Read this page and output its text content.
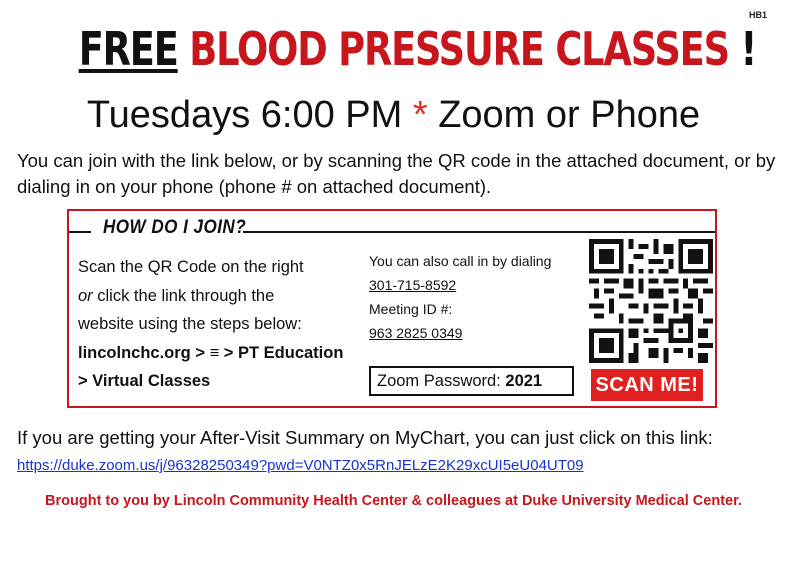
HB1
FREE BLOOD PRESSURE CLASSES !
Tuesdays 6:00 PM * Zoom or Phone
You can join with the link below, or by scanning the QR code in the attached document, or by dialing in on your phone (phone # on attached document).
HOW DO I JOIN?
Scan the QR Code on the right
or click the link through the
website using the steps below:
lincolnchc.org > ≡ > PT Education
> Virtual Classes
You can also call in by dialing
301-715-8592
Meeting ID #:
963 2825 0349
Zoom Password: 2021	SCAN ME!
If you are getting your After-Visit Summary on MyChart, you can just click on this link: https://duke.zoom.us/j/96328250349?pwd=V0NTZ0x5RnJELzE2K29xcUI5eU04UT09
Brought to you by Lincoln Community Health Center & colleagues at Duke University Medical Center.
